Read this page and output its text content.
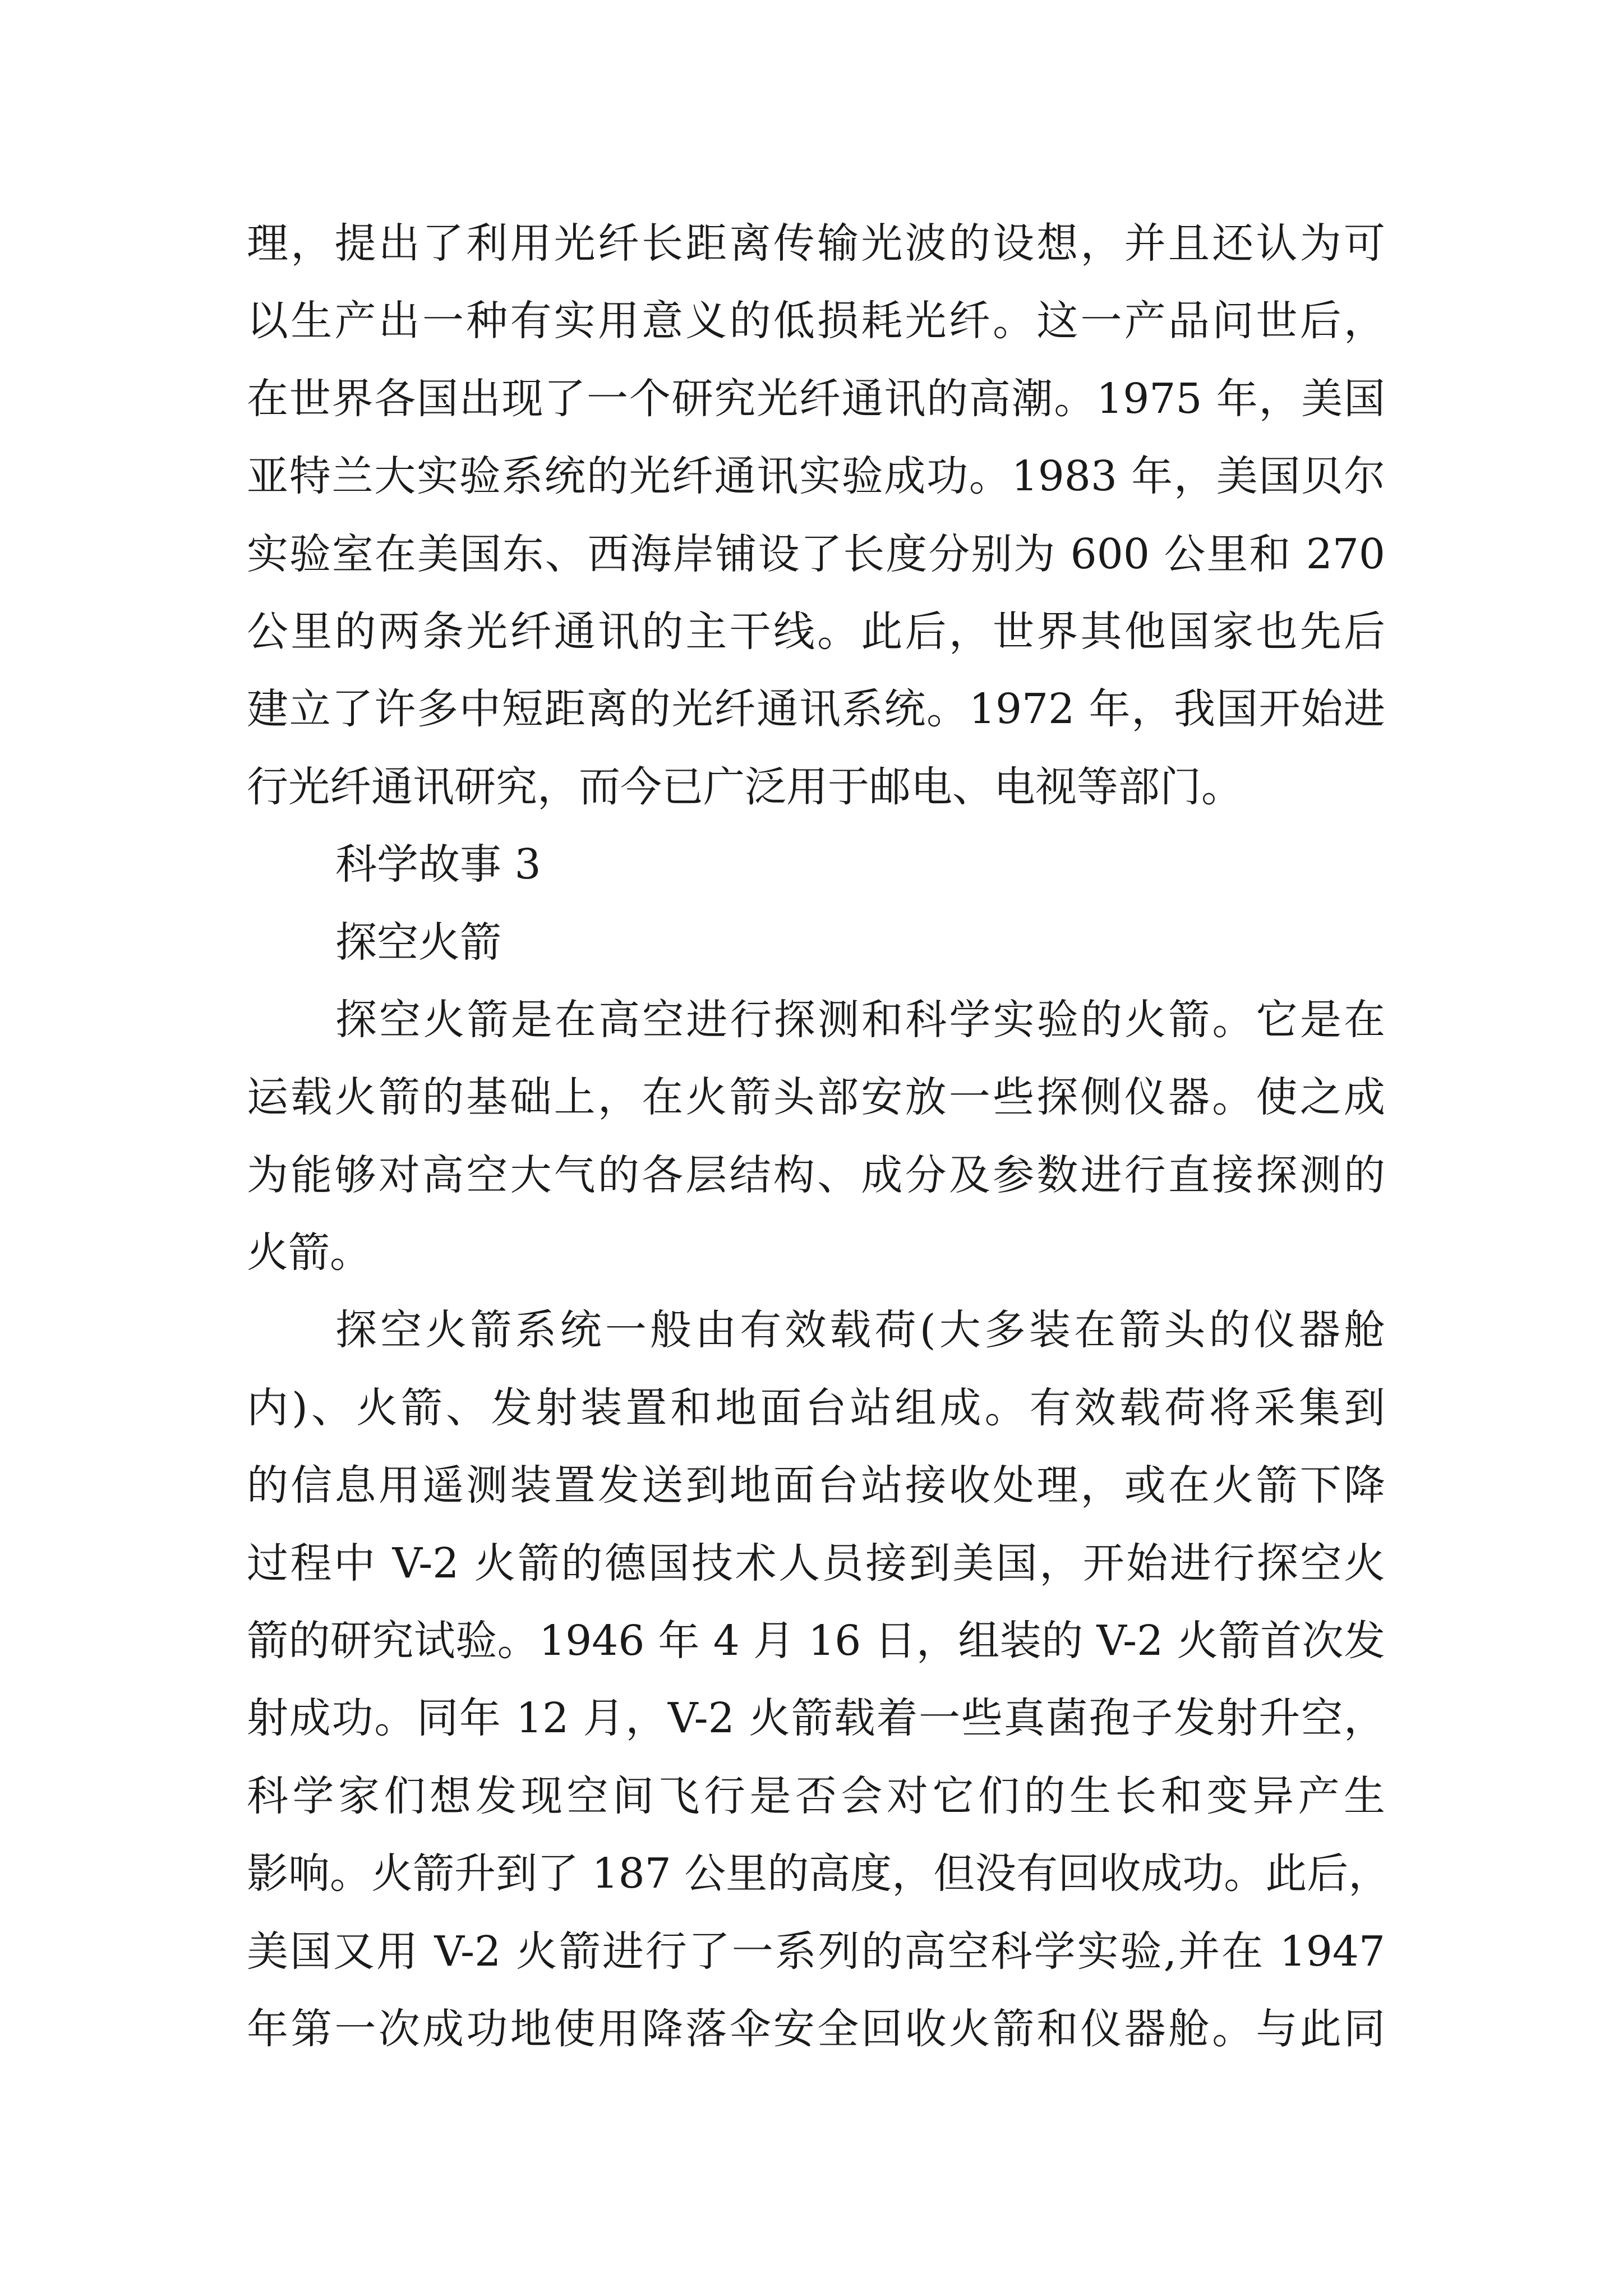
理，提出了利用光纤长距离传输光波的设想，并且还认为可
以生产出一种有实用意义的低损耗光纤。这一产品问世后，
在世界各国出现了一个研究光纤通讯的高潮。1975 年，美国
亚特兰大实验系统的光纤通讯实验成功。1983 年，美国贝尔
实验室在美国东、西海岸铺设了长度分别为 600 公里和 270
公里的两条光纤通讯的主干线。此后，世界其他国家也先后
建立了许多中短距离的光纤通讯系统。1972 年，我国开始进
行光纤通讯研究，而今已广泛用于邮电、电视等部门。
科学故事 3
探空火箭
探空火箭是在高空进行探测和科学实验的火箭。它是在
运载火箭的基础上，在火箭头部安放一些探侧仪器。使之成
为能够对高空大气的各层结构、成分及参数进行直接探测的
火箭。
探空火箭系统一般由有效载荷(大多装在箭头的仪器舱
内)、火箭、发射装置和地面台站组成。有效载荷将采集到
的信息用遥测装置发送到地面台站接收处理，或在火箭下降
过程中 V-2 火箭的德国技术人员接到美国，开始进行探空火
箭的研究试验。1946 年 4 月 16 日，组装的 V-2 火箭首次发
射成功。同年 12 月，V-2 火箭载着一些真菌孢子发射升空，
科学家们想发现空间飞行是否会对它们的生长和变异产生
影响。火箭升到了 187 公里的高度，但没有回收成功。此后，
美国又用 V-2 火箭进行了一系列的高空科学实验,并在 1947
年第一次成功地使用降落伞安全回收火箭和仪器舱。与此同
